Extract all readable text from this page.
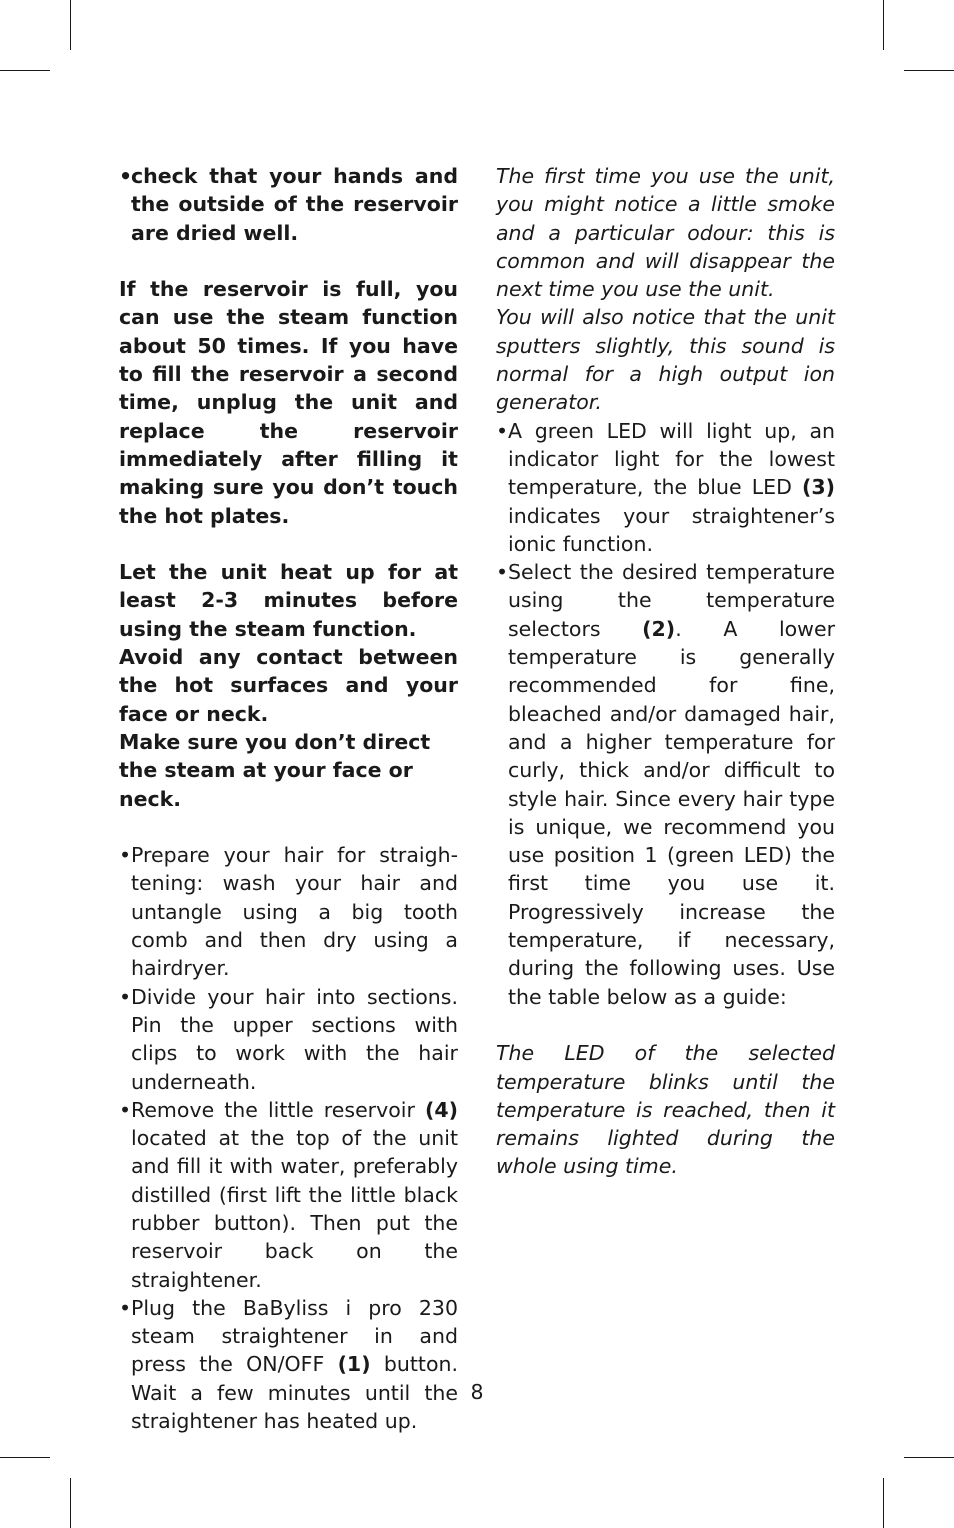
•
check that your hands and the outside of the reservoir are dried well.

If the reservoir is full, you can use the steam function about 50 times. If you have to fill the reservoir a second time, unplug the unit and replace the reservoir immediately after filling it making sure you don’t touch the hot plates.

Let the unit heat up for at least 2-3 minutes before using the steam function.

Avoid any contact between the hot surfaces and your face or neck.

Make sure you don’t direct the steam at your face or neck.

• Prepare your hair for straigh-tening: wash your hair and untangle using a big tooth comb and then dry using a hairdryer.

• Divide your hair into sections. Pin the upper sections with clips to work with the hair underneath.

• Remove the little reservoir (4) located at the top of the unit and fill it with water, preferably distilled (first lift the little black rubber button). Then put the reservoir back on the straightener.

• Plug the BaByliss i pro 230 steam straightener in and press the ON/OFF (1) button. Wait a few minutes until the straightener has heated up.

The first time you use the unit, you might notice a little smoke and a particular odour: this is common and will disappear the next time you use the unit.

You will also notice that the unit sputters slightly, this sound is normal for a high output ion generator.

• A green LED will light up, an indicator light for the lowest temperature, the blue LED (3) indicates your straightener’s ionic function.

• Select the desired temperature using the temperature selectors (2). A lower temperature is generally recommended for fine, bleached and/or damaged hair, and a higher temperature for curly, thick and/or difficult to style hair. Since every hair type is unique, we recommend you use position 1 (green LED) the first time you use it. Progressively increase the temperature, if necessary, during the following uses. Use the table below as a guide:

The LED of the selected temperature blinks until the temperature is reached, then it remains lighted during the whole using time.

8
